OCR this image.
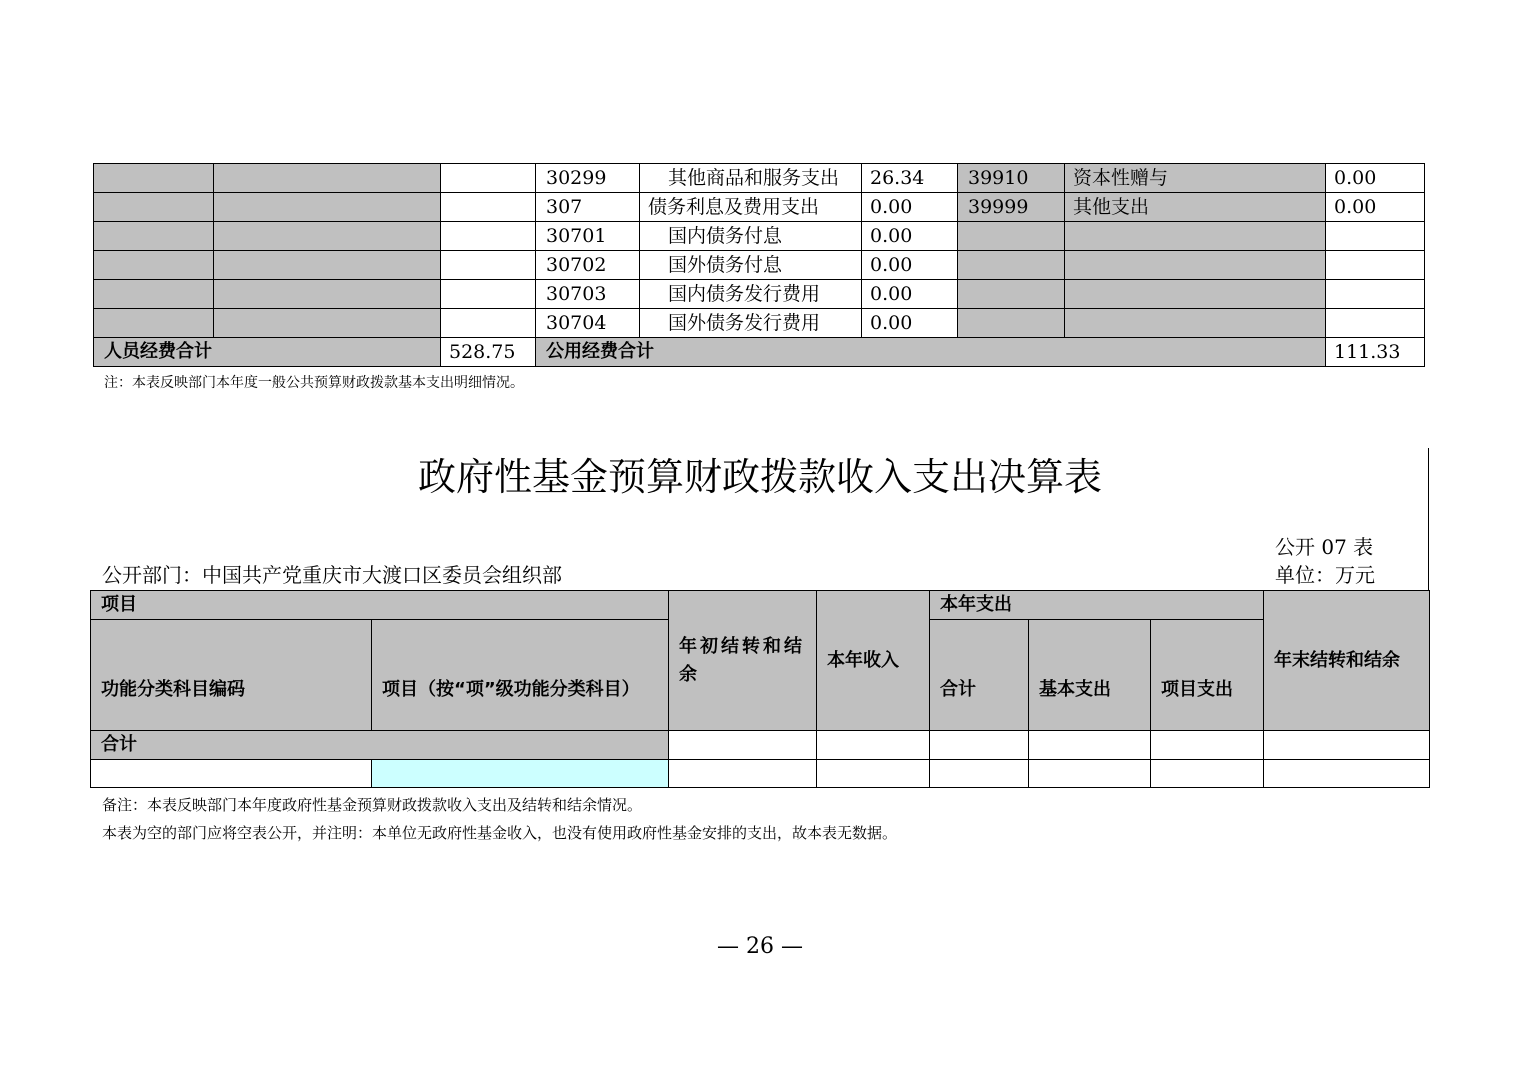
			30299	其他商品和服务支出	26.34	39910	资本性赠与	0.00
			307	债务利息及费用支出	0.00	39999	其他支出	0.00
			30701	国内债务付息	0.00			
			30702	国外债务付息	0.00			
			30703	国内债务发行费用	0.00			
			30704	国外债务发行费用	0.00			
人员经费合计		528.75	公用经费合计					111.33
注：本表反映部门本年度一般公共预算财政拨款基本支出明细情况。
政府性基金预算财政拨款收入支出决算表
公开 07 表
公开部门：中国共产党重庆市大渡口区委员会组织部	单位：万元
项目		年初结转和结余	本年收入	本年支出			年末结转和结余
功能分类科目编码	项目（按“项”级功能分类科目）			合计	基本支出	项目支出	
合计							

备注：本表反映部门本年度政府性基金预算财政拨款收入支出及结转和结余情况。
本表为空的部门应将空表公开，并注明：本单位无政府性基金收入，也没有使用政府性基金安排的支出，故本表无数据。
— 26 —
